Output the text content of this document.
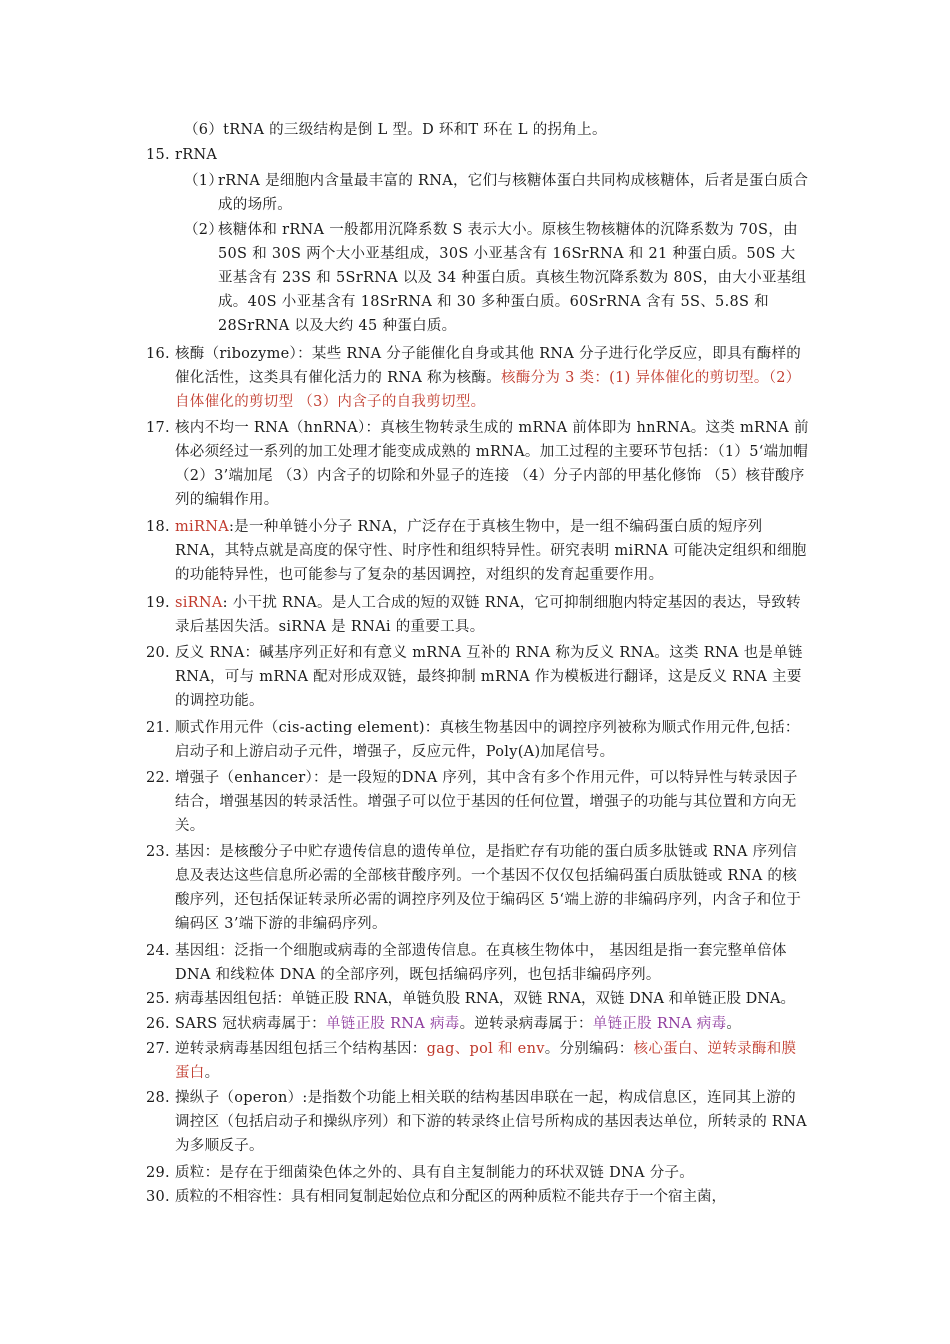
（6）tRNA 的三级结构是倒 L 型。D 环和T 环在 L 的拐角上。
15. rRNA
（1）
rRNA 是细胞内含量最丰富的 RNA，它们与核糖体蛋白共同构成核糖体，后者是蛋白质合成的场所。
（2）
核糖体和 rRNA 一般都用沉降系数 S 表示大小。原核生物核糖体的沉降系数为 70S，由 50S 和 30S 两个大小亚基组成，30S 小亚基含有 16SrRNA 和 21 种蛋白质。50S 大亚基含有 23S 和 5SrRNA 以及 34 种蛋白质。真核生物沉降系数为 80S，由大小亚基组成。40S 小亚基含有 18SrRNA 和 30 多种蛋白质。60SrRNA 含有 5S、5.8S 和 28SrRNA 以及大约 45 种蛋白质。
16. 核酶（ribozyme）：某些 RNA 分子能催化自身或其他 RNA 分子进行化学反应，即具有酶样的催化活性，这类具有催化活力的 RNA 称为核酶。核酶分为 3 类：(1) 异体催化的剪切型。（2）自体催化的剪切型 （3）内含子的自我剪切型。
17. 核内不均一 RNA（hnRNA）：真核生物转录生成的 mRNA 前体即为 hnRNA。这类 mRNA 前体必须经过一系列的加工处理才能变成成熟的 mRNA。加工过程的主要环节包括：（1）5‘端加帽 （2）3’端加尾 （3）内含子的切除和外显子的连接 （4）分子内部的甲基化修饰 （5）核苷酸序列的编辑作用。
18. miRNA:是一种单链小分子 RNA，广泛存在于真核生物中，是一组不编码蛋白质的短序列 RNA，其特点就是高度的保守性、时序性和组织特异性。研究表明 miRNA 可能决定组织和细胞的功能特异性，也可能参与了复杂的基因调控，对组织的发育起重要作用。
19. siRNA: 小干扰 RNA。是人工合成的短的双链 RNA，它可抑制细胞内特定基因的表达，导致转录后基因失活。siRNA 是 RNAi 的重要工具。
20. 反义 RNA：碱基序列正好和有意义 mRNA 互补的 RNA 称为反义 RNA。这类 RNA 也是单链 RNA，可与 mRNA 配对形成双链，最终抑制 mRNA 作为模板进行翻译，这是反义 RNA 主要的调控功能。
21. 顺式作用元件（cis-acting element)：真核生物基因中的调控序列被称为顺式作用元件,包括：启动子和上游启动子元件，增强子，反应元件，Poly(A)加尾信号。
22. 增强子（enhancer）：是一段短的DNA 序列，其中含有多个作用元件，可以特异性与转录因子结合，增强基因的转录活性。增强子可以位于基因的任何位置，增强子的功能与其位置和方向无关。
23. 基因：是核酸分子中贮存遗传信息的遗传单位，是指贮存有功能的蛋白质多肽链或 RNA 序列信息及表达这些信息所必需的全部核苷酸序列。一个基因不仅仅包括编码蛋白质肽链或 RNA 的核酸序列，还包括保证转录所必需的调控序列及位于编码区 5‘端上游的非编码序列，内含子和位于编码区 3’端下游的非编码序列。
24. 基因组：泛指一个细胞或病毒的全部遗传信息。在真核生物体中， 基因组是指一套完整单倍体 DNA 和线粒体 DNA 的全部序列，既包括编码序列，也包括非编码序列。
25. 病毒基因组包括：单链正股 RNA，单链负股 RNA，双链 RNA，双链 DNA 和单链正股 DNA。
26. SARS 冠状病毒属于：单链正股 RNA 病毒。逆转录病毒属于：单链正股 RNA 病毒。
27. 逆转录病毒基因组包括三个结构基因：gag、pol 和 env。分别编码：核心蛋白、逆转录酶和膜蛋白。
28. 操纵子（operon）:是指数个功能上相关联的结构基因串联在一起，构成信息区，连同其上游的调控区（包括启动子和操纵序列）和下游的转录终止信号所构成的基因表达单位，所转录的 RNA 为多顺反子。
29. 质粒：是存在于细菌染色体之外的、具有自主复制能力的环状双链 DNA 分子。
30. 质粒的不相容性：具有相同复制起始位点和分配区的两种质粒不能共存于一个宿主菌，
